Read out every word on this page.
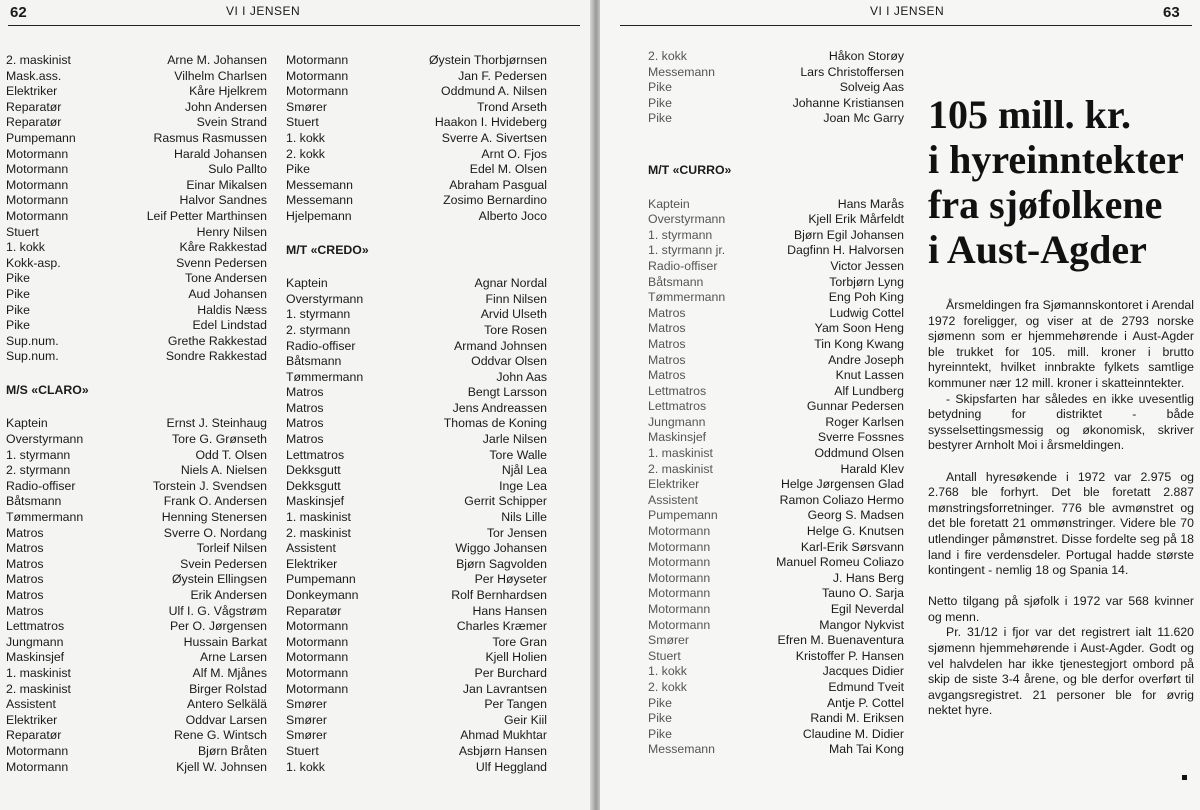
62	VI I JENSEN
2. maskinist	Arne M. Johansen
Mask.ass.	Vilhelm Charlsen
Elektriker	Kåre Hjelkrem
Reparatør	John Andersen
Reparatør	Svein Strand
Pumpemann	Rasmus Rasmussen
Motormann	Harald Johansen
Motormann	Sulo Pallto
Motormann	Einar Mikalsen
Motormann	Halvor Sandnes
Motormann	Leif Petter Marthinsen
Stuert	Henry Nilsen
1. kokk	Kåre Rakkestad
Kokk-asp.	Svenn Pedersen
Pike	Tone Andersen
Pike	Aud Johansen
Pike	Haldis Næss
Pike	Edel Lindstad
Sup.num.	Grethe Rakkestad
Sup.num.	Sondre Rakkestad
M/S «CLARO»
Kaptein	Ernst J. Steinhaug
Overstyrmann	Tore G. Grønseth
1. styrmann	Odd T. Olsen
2. styrmann	Niels A. Nielsen
Radio-offiser	Torstein J. Svendsen
Båtsmann	Frank O. Andersen
Tømmermann	Henning Stenersen
Matros	Sverre O. Nordang
Matros	Torleif Nilsen
Matros	Svein Pedersen
Matros	Øystein Ellingsen
Matros	Erik Andersen
Matros	Ulf I. G. Vågstrøm
Lettmatros	Per O. Jørgensen
Jungmann	Hussain Barkat
Maskinsjef	Arne Larsen
1. maskinist	Alf M. Mjånes
2. maskinist	Birger Rolstad
Assistent	Antero Selkälä
Elektriker	Oddvar Larsen
Reparatør	Rene G. Wintsch
Motormann	Bjørn Bråten
Motormann	Kjell W. Johnsen
Motormann	Øystein Thorbjørnsen
Motormann	Jan F. Pedersen
Motormann	Oddmund A. Nilsen
Smører	Trond Arseth
Stuert	Haakon I. Hvideberg
1. kokk	Sverre A. Sivertsen
2. kokk	Arnt O. Fjos
Pike	Edel M. Olsen
Messemann	Abraham Pasgual
Messemann	Zosimo Bernardino
Hjelpemann	Alberto Joco
M/T «CREDO»
Kaptein	Agnar Nordal
Overstyrmann	Finn Nilsen
1. styrmann	Arvid Ulseth
2. styrmann	Tore Rosen
Radio-offiser	Armand Johnsen
Båtsmann	Oddvar Olsen
Tømmermann	John Aas
Matros	Bengt Larsson
Matros	Jens Andreassen
Matros	Thomas de Koning
Matros	Jarle Nilsen
Lettmatros	Tore Walle
Dekksgutt	Njål Lea
Dekksgutt	Inge Lea
Maskinsjef	Gerrit Schipper
1. maskinist	Nils Lille
2. maskinist	Tor Jensen
Assistent	Wiggo Johansen
Elektriker	Bjørn Sagvolden
Pumpemann	Per Høyseter
Donkeymann	Rolf Bernhardsen
Reparatør	Hans Hansen
Motormann	Charles Kræmer
Motormann	Tore Gran
Motormann	Kjell Holien
Motormann	Per Burchard
Motormann	Jan Lavrantsen
Smører	Per Tangen
Smører	Geir Kiil
Smører	Ahmad Mukhtar
Stuert	Asbjørn Hansen
1. kokk	Ulf Heggland
VI I JENSEN	63
2. kokk	Håkon Storøy
Messemann	Lars Christoffersen
Pike	Solveig Aas
Pike	Johanne Kristiansen
Pike	Joan Mc Garry
M/T «CURRO»
Kaptein	Hans Marås
Overstyrmann	Kjell Erik Mårfeldt
1. styrmann	Bjørn Egil Johansen
1. styrmann jr.	Dagfinn H. Halvorsen
Radio-offiser	Victor Jessen
Båtsmann	Torbjørn Lyng
Tømmermann	Eng Poh King
Matros	Ludwig Cottel
Matros	Yam Soon Heng
Matros	Tin Kong Kwang
Matros	Andre Joseph
Matros	Knut Lassen
Lettmatros	Alf Lundberg
Lettmatros	Gunnar Pedersen
Jungmann	Roger Karlsen
Maskinsjef	Sverre Fossnes
1. maskinist	Oddmund Olsen
2. maskinist	Harald Klev
Elektriker	Helge Jørgensen Glad
Assistent	Ramon Coliazo Hermo
Pumpemann	Georg S. Madsen
Motormann	Helge G. Knutsen
Motormann	Karl-Erik Sørsvann
Motormann	Manuel Romeu Coliazo
Motormann	J. Hans Berg
Motormann	Tauno O. Sarja
Motormann	Egil Neverdal
Motormann	Mangor Nykvist
Smører	Efren M. Buenaventura
Stuert	Kristoffer P. Hansen
1. kokk	Jacques Didier
2. kokk	Edmund Tveit
Pike	Antje P. Cottel
Pike	Randi M. Eriksen
Pike	Claudine M. Didier
Messemann	Mah Tai Kong
105 mill. kr.
i hyreinntekter
fra sjøfolkene
i Aust-Agder

Årsmeldingen fra Sjømannskontoret i Arendal 1972 foreligger, og viser at de 2793 norske sjømenn som er hjemmehørende i Aust-Agder ble trukket for 105. mill. kroner i brutto hyreinntekt, hvilket innbrakte fylkets samtlige kommuner nær 12 mill. kroner i skatteinntekter.

- Skipsfarten har således en ikke uvesentlig betydning for distriktet - både sysselsettingsmessig og økonomisk, skriver bestyrer Arnholt Moi i årsmeldingen.

Antall hyresøkende i 1972 var 2.975 og 2.768 ble forhyrt. Det ble foretatt 2.887 mønstringsforretninger. 776 ble avmønstret og det ble foretatt 21 ommønstringer. Videre ble 70 utlendinger påmønstret. Disse fordelte seg på 18 land i fire verdensdeler. Portugal hadde største kontingent - nemlig 18 og Spania 14.

Netto tilgang på sjøfolk i 1972 var 568 kvinner og menn.

Pr. 31/12 i fjor var det registrert ialt 11.620 sjømenn hjemmehørende i Aust-Agder. Godt og vel halvdelen har ikke tjenestegjort ombord på skip de siste 3-4 årene, og ble derfor overført til avgangsregistret. 21 personer ble for øvrig nektet hyre.
